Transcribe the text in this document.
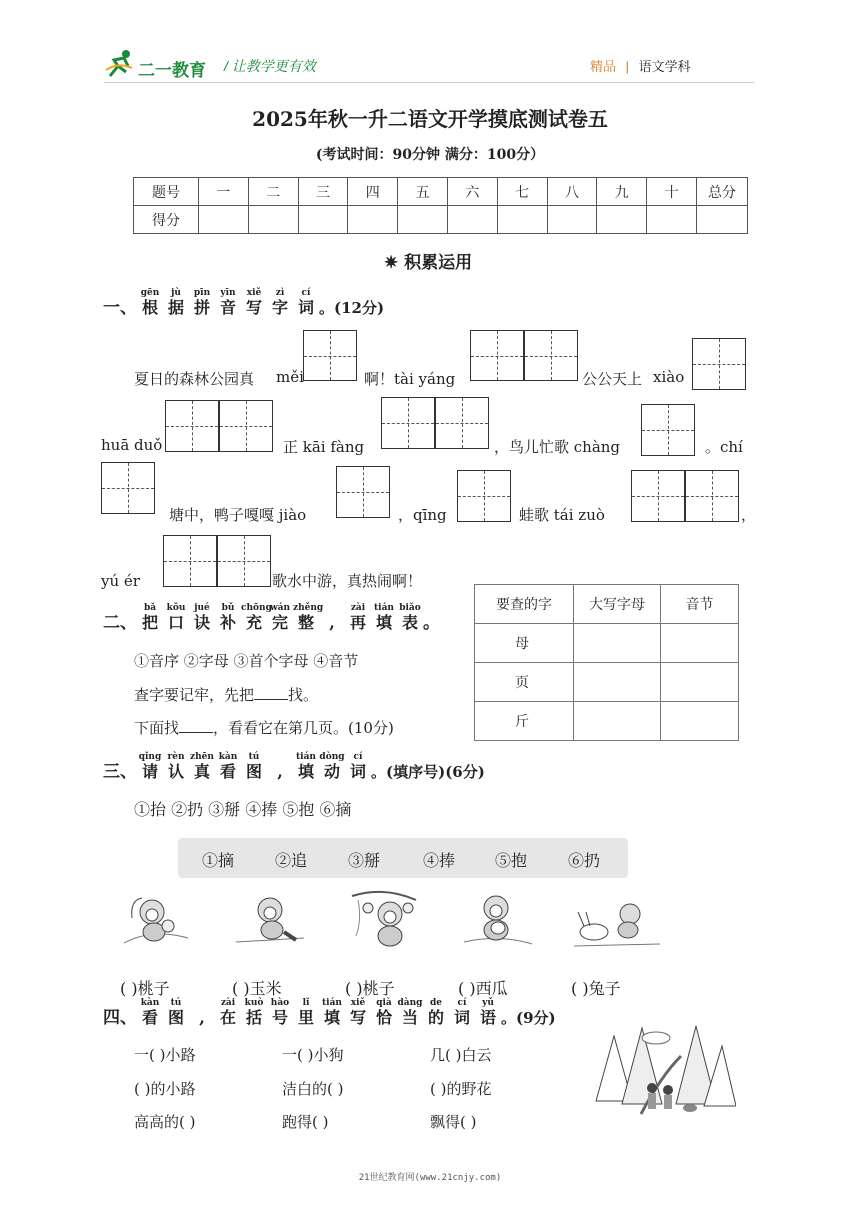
二一教育 / 让教学更有效	精品 | 语文学科
2025年秋一升二语文开学摸底测试卷五
(考试时间：90分钟 满分：100分）
题号	一	二	三	四	五	六	七	八	九	十	总分
得分											
✷ 积累运用
一、
gēn
根
jù
据
pīn
拼
yīn
音
xiě
写
zì
字
cí
词 。(12分)
夏日的森林公园真 měi	啊！tài yáng	公公天上 xiào
huā duǒ	正 kāi fàng	，鸟儿忙歌 chàng	。chí
塘中，鸭子嘎嘎 jiào	，qīng	蛙歌 tái zuò	，
yú ér	歌水中游，真热闹啊！
二、
bǎ
把
kǒu
口
jué
诀
bǔ
补
chōng
充
wán
完
zhěng
整 ,
zài
再
tián
填
biǎo
表 。
①音序 ②字母 ③首个字母 ④音节
查字要记牢，先把 找。
下面找 ，看看它在第几页。(10分)
要查的字	大写字母	音节
母		
页		
斤		
三、
qǐng
请
rèn
认
zhēn
真
kàn
看
tú
图 ,
tián
填
dòng
动
cí
词 。(填序号)(6分)
①抬 ②扔 ③掰 ④捧 ⑤抱 ⑥摘
①摘	②追	③掰	④捧 ⑤抱	⑥扔
( )桃子	( )玉米	( )桃子	( )西瓜	( )兔子
四、
kàn
看
tú
图 ,
zài
在
kuò
括
hào
号
lǐ
里
tián
填
xiě
写
qià
恰
dàng
当
de
的
cí
词
yǔ
语 。(9分)
一( )小路	一( )小狗	几( )白云
( )的小路	洁白的( )	( )的野花
高高的( )	跑得( )	飘得( )
21世纪教育网(www.21cnjy.com)
